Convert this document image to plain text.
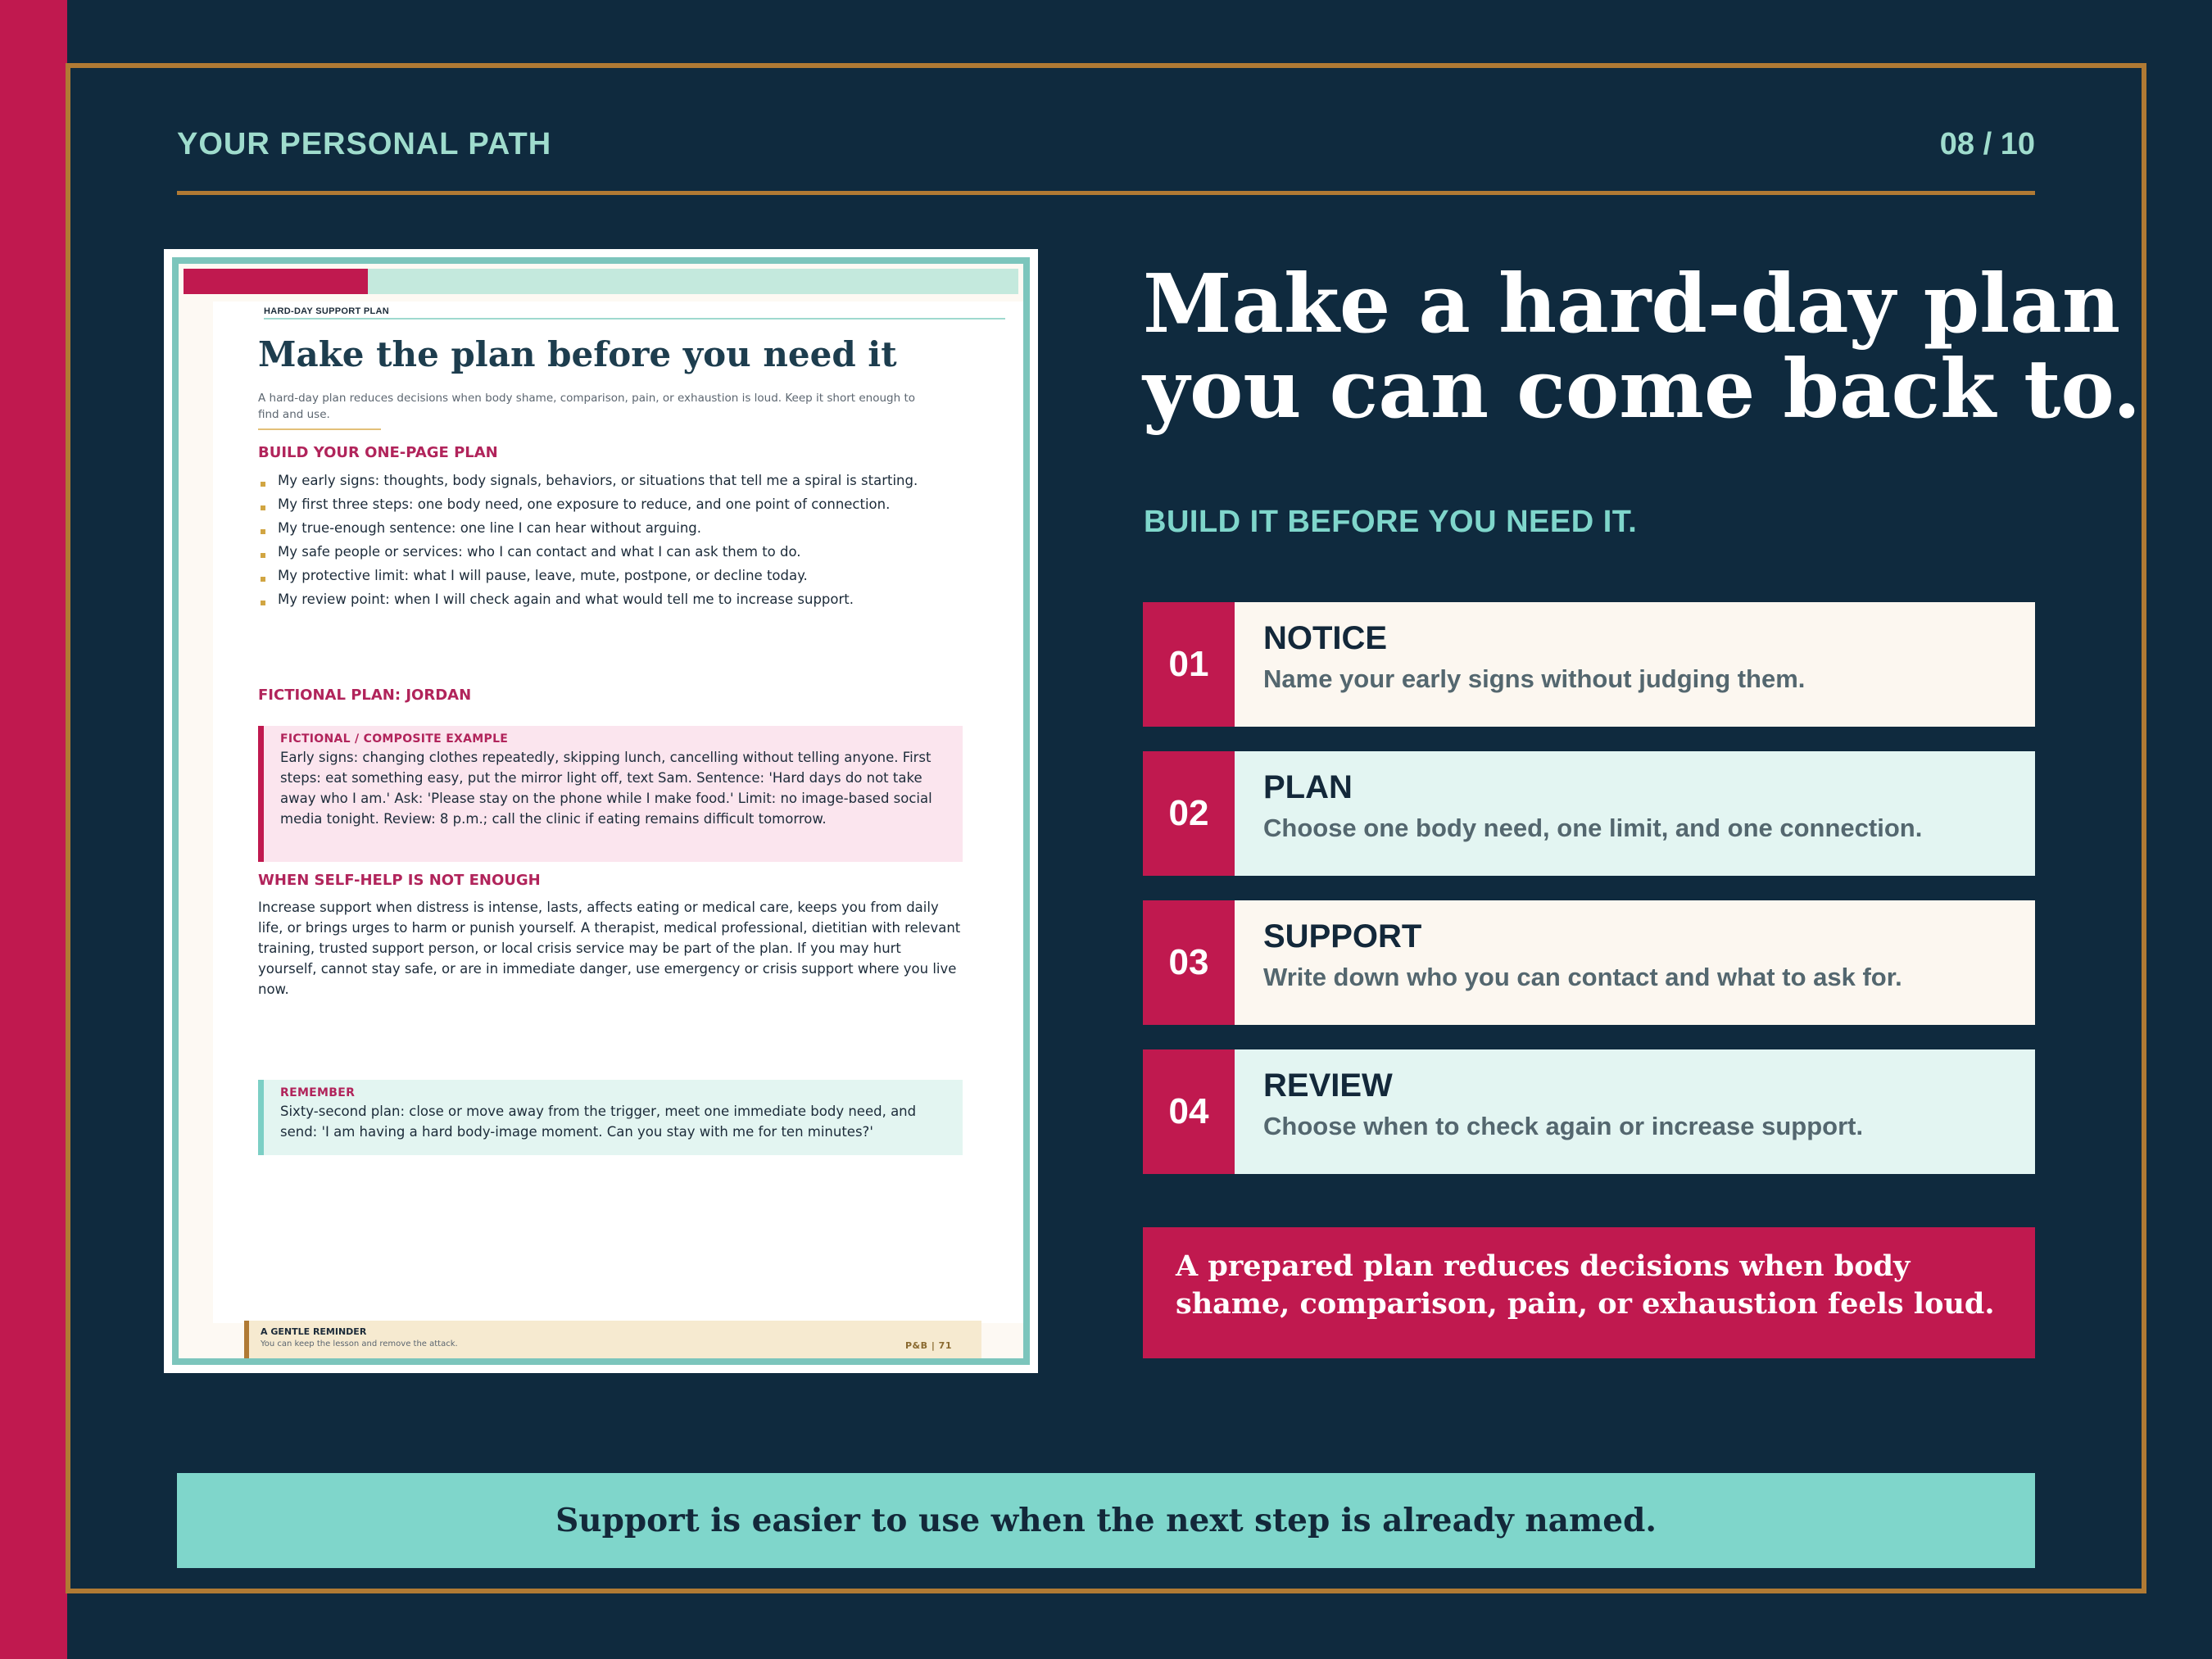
YOUR PERSONAL PATH	08 / 10
HARD-DAY SUPPORT PLAN
Make the plan before you need it
A hard-day plan reduces decisions when body shame, comparison, pain, or exhaustion is loud. Keep it short enough to find and use.
BUILD YOUR ONE-PAGE PLAN
My early signs: thoughts, body signals, behaviors, or situations that tell me a spiral is starting.
My first three steps: one body need, one exposure to reduce, and one point of connection.
My true-enough sentence: one line I can hear without arguing.
My safe people or services: who I can contact and what I can ask them to do.
My protective limit: what I will pause, leave, mute, postpone, or decline today.
My review point: when I will check again and what would tell me to increase support.
FICTIONAL PLAN: JORDAN
FICTIONAL / COMPOSITE EXAMPLE
Early signs: changing clothes repeatedly, skipping lunch, cancelling without telling anyone. First steps: eat something easy, put the mirror light off, text Sam. Sentence: 'Hard days do not take away who I am.' Ask: 'Please stay on the phone while I make food.' Limit: no image-based social media tonight. Review: 8 p.m.; call the clinic if eating remains difficult tomorrow.
WHEN SELF-HELP IS NOT ENOUGH
Increase support when distress is intense, lasts, affects eating or medical care, keeps you from daily life, or brings urges to harm or punish yourself. A therapist, medical professional, dietitian with relevant training, trusted support person, or local crisis service may be part of the plan. If you may hurt yourself, cannot stay safe, or are in immediate danger, use emergency or crisis support where you live now.
REMEMBER
Sixty-second plan: close or move away from the trigger, meet one immediate body need, and send: 'I am having a hard body-image moment. Can you stay with me for ten minutes?'
A GENTLE REMINDER
You can keep the lesson and remove the attack.	P&B | 71
Make a hard-day plan
you can come back to.
BUILD IT BEFORE YOU NEED IT.
01
NOTICE
Name your early signs without judging them.
02
PLAN
Choose one body need, one limit, and one connection.
03
SUPPORT
Write down who you can contact and what to ask for.
04
REVIEW
Choose when to check again or increase support.
A prepared plan reduces decisions when body shame, comparison, pain, or exhaustion feels loud.
Support is easier to use when the next step is already named.
